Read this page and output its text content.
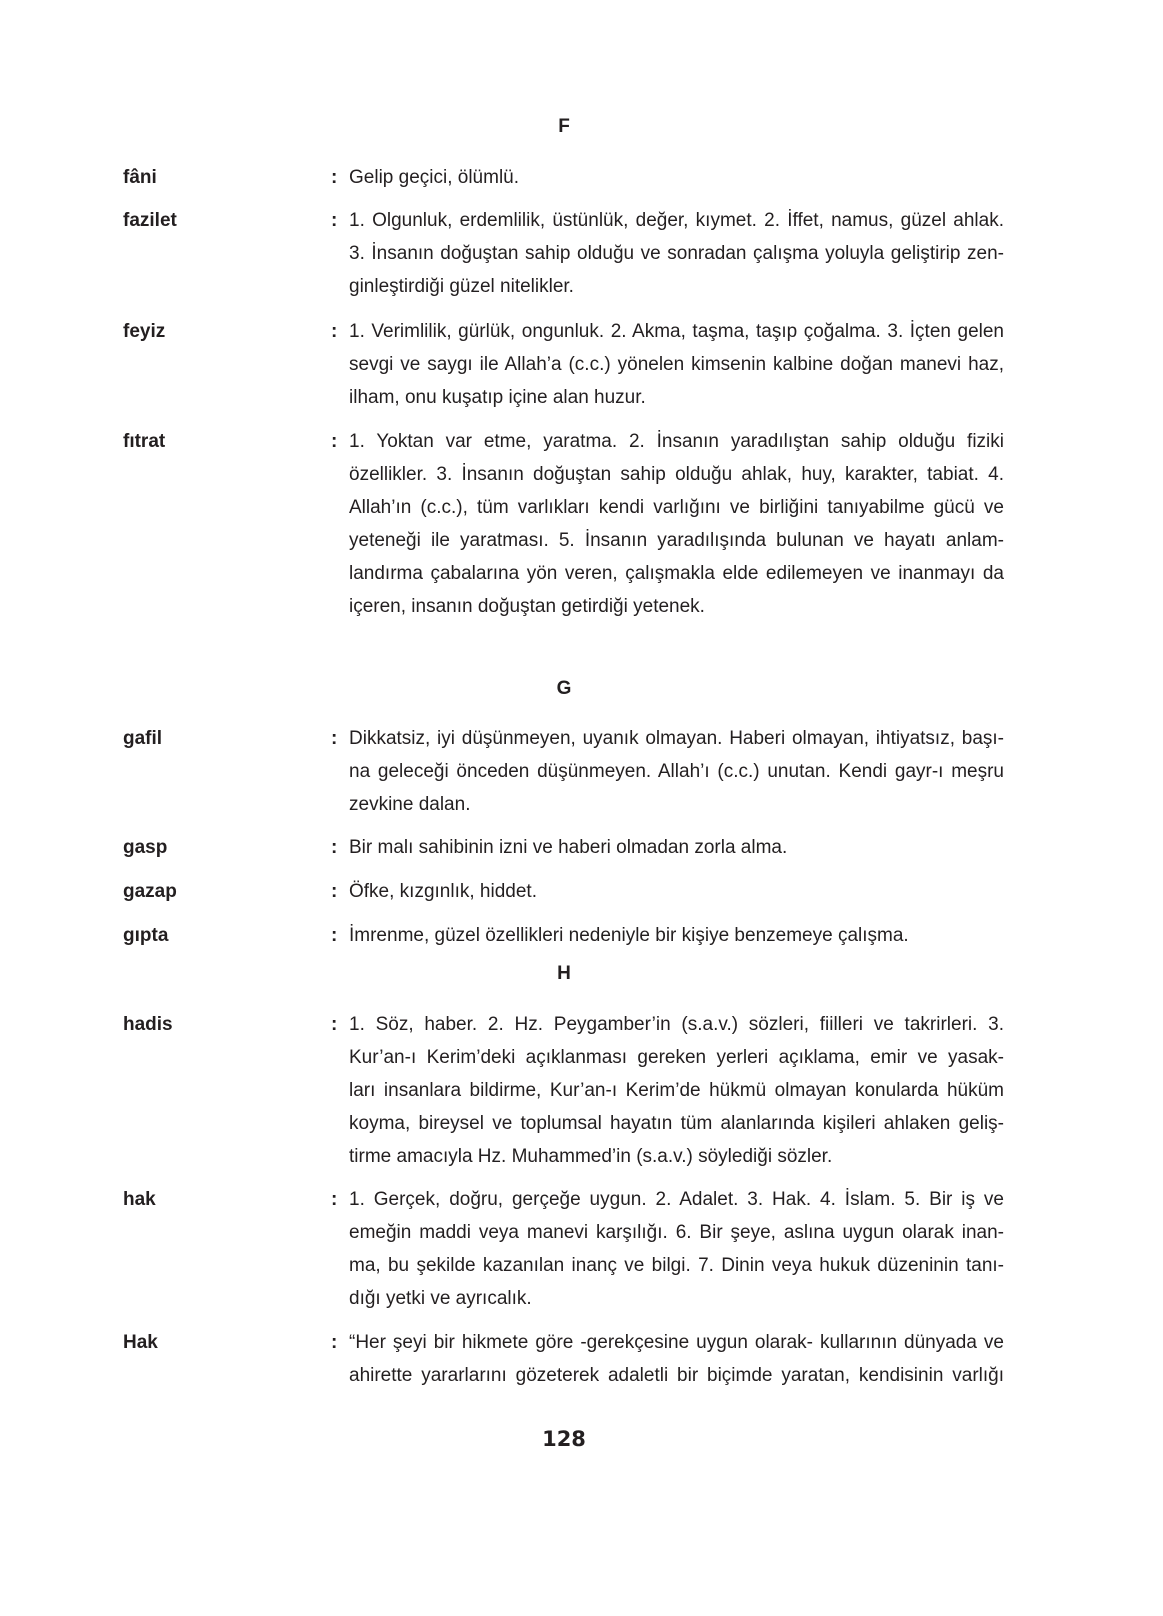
F
fâni	: Gelip geçici, ölümlü.
fazilet	: 1. Olgunluk, erdemlilik, üstünlük, değer, kıymet. 2. İffet, namus, güzel ahlak.
3. İnsanın doğuştan sahip olduğu ve sonradan çalışma yoluyla geliştirip zen-
ginleştirdiği güzel nitelikler.
feyiz	: 1. Verimlilik, gürlük, ongunluk. 2. Akma, taşma, taşıp çoğalma. 3. İçten gelen
sevgi ve saygı ile Allah’a (c.c.) yönelen kimsenin kalbine doğan manevi haz,
ilham, onu kuşatıp içine alan huzur.
fıtrat	: 1. Yoktan var etme, yaratma. 2. İnsanın yaradılıştan sahip olduğu fiziki
özellikler. 3. İnsanın doğuştan sahip olduğu ahlak, huy, karakter, tabiat. 4.
Allah’ın (c.c.), tüm varlıkları kendi varlığını ve birliğini tanıyabilme gücü ve
yeteneği ile yaratması. 5. İnsanın yaradılışında bulunan ve hayatı anlam-
landırma çabalarına yön veren, çalışmakla elde edilemeyen ve inanmayı da
içeren, insanın doğuştan getirdiği yetenek.
G
gafil	: Dikkatsiz, iyi düşünmeyen, uyanık olmayan. Haberi olmayan, ihtiyatsız, başı-
na geleceği önceden düşünmeyen. Allah’ı (c.c.) unutan. Kendi gayr-ı meşru
zevkine dalan.
gasp	: Bir malı sahibinin izni ve haberi olmadan zorla alma.
gazap	: Öfke, kızgınlık, hiddet.
gıpta	: İmrenme, güzel özellikleri nedeniyle bir kişiye benzemeye çalışma.
H
hadis	: 1. Söz, haber. 2. Hz. Peygamber’in (s.a.v.) sözleri, fiilleri ve takrirleri. 3.
Kur’an-ı Kerim’deki açıklanması gereken yerleri açıklama, emir ve yasak-
ları insanlara bildirme, Kur’an-ı Kerim’de hükmü olmayan konularda hüküm
koyma, bireysel ve toplumsal hayatın tüm alanlarında kişileri ahlaken geliş-
tirme amacıyla Hz. Muhammed’in (s.a.v.) söylediği sözler.
hak	: 1. Gerçek, doğru, gerçeğe uygun. 2. Adalet. 3. Hak. 4. İslam. 5. Bir iş ve
emeğin maddi veya manevi karşılığı. 6. Bir şeye, aslına uygun olarak inan-
ma, bu şekilde kazanılan inanç ve bilgi. 7. Dinin veya hukuk düzeninin tanı-
dığı yetki ve ayrıcalık.
Hak	: “Her şeyi bir hikmete göre -gerekçesine uygun olarak- kullarının dünyada ve
ahirette yararlarını gözeterek adaletli bir biçimde yaratan, kendisinin varlığı
128
